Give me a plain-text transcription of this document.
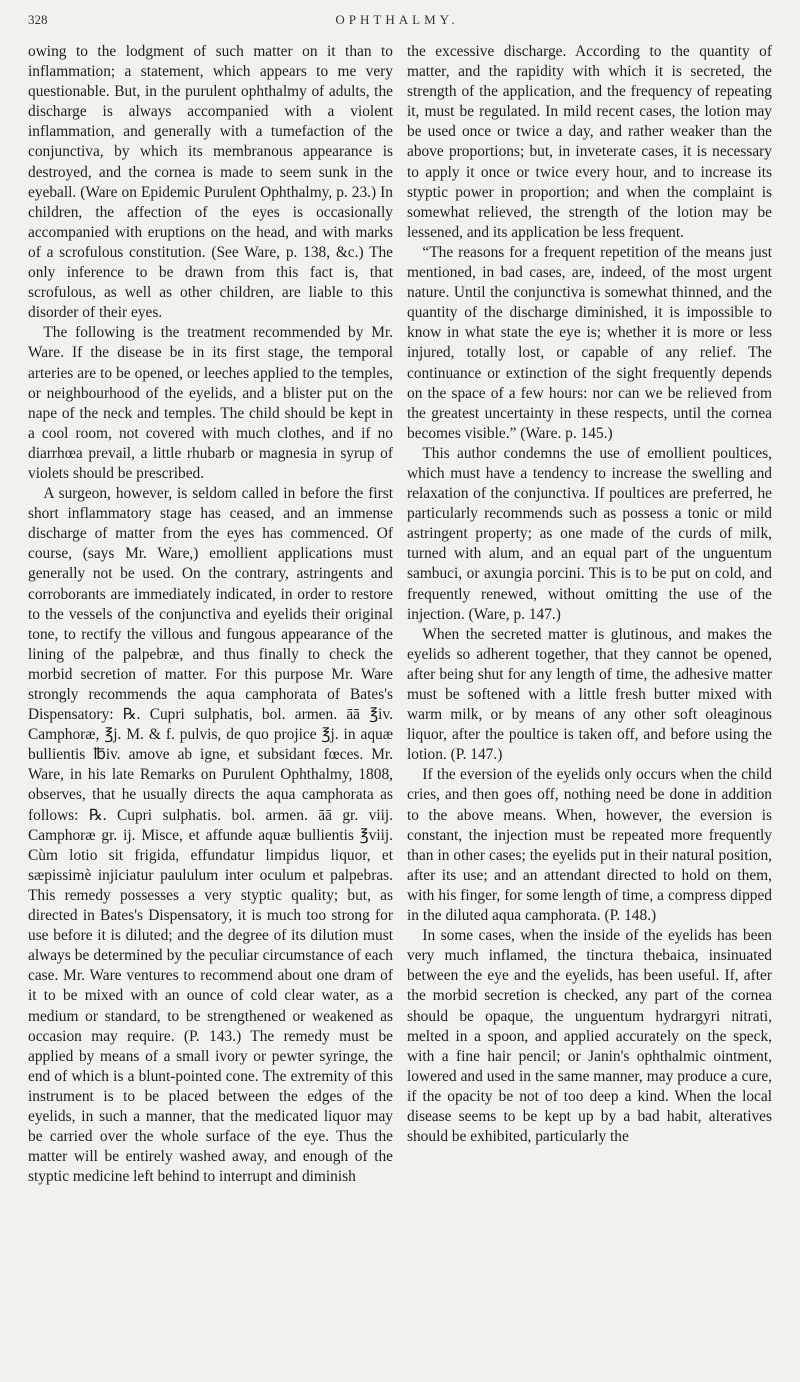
328	OPHTHALMY.

owing to the lodgment of such matter on it than to inflammation; a statement, which appears to me very questionable. But, in the purulent ophthalmy of adults, the discharge is always accompanied with a violent inflammation, and generally with a tumefaction of the conjunctiva, by which its membranous appearance is destroyed, and the cornea is made to seem sunk in the eyeball. (Ware on Epidemic Purulent Ophthalmy, p. 23.) In children, the affection of the eyes is occasionally accompanied with eruptions on the head, and with marks of a scrofulous constitution. (See Ware, p. 138, &c.) The only inference to be drawn from this fact is, that scrofulous, as well as other children, are liable to this disorder of their eyes.

The following is the treatment recommended by Mr. Ware. If the disease be in its first stage, the temporal arteries are to be opened, or leeches applied to the temples, or neighbourhood of the eyelids, and a blister put on the nape of the neck and temples. The child should be kept in a cool room, not covered with much clothes, and if no diarrhœa prevail, a little rhubarb or magnesia in syrup of violets should be prescribed.

A surgeon, however, is seldom called in before the first short inflammatory stage has ceased, and an immense discharge of matter from the eyes has commenced. Of course, (says Mr. Ware,) emollient applications must generally not be used. On the contrary, astringents and corroborants are immediately indicated, in order to restore to the vessels of the conjunctiva and eyelids their original tone, to rectify the villous and fungous appearance of the lining of the palpebræ, and thus finally to check the morbid secretion of matter. For this purpose Mr. Ware strongly recommends the aqua camphorata of Bates's Dispensatory: ℞. Cupri sulphatis, bol. armen. āā ℥iv. Camphoræ, ℥j. M. & f. pulvis, de quo projice ℥j. in aquæ bullientis ℔iv. amove ab igne, et subsidant fœces. Mr. Ware, in his late Remarks on Purulent Ophthalmy, 1808, observes, that he usually directs the aqua camphorata as follows: ℞. Cupri sulphatis. bol. armen. āā gr. viij. Camphoræ gr. ij. Misce, et affunde aquæ bullientis ℥viij. Cùm lotio sit frigida, effundatur limpidus liquor, et sæpissimè injiciatur paululum inter oculum et palpebras. This remedy possesses a very styptic quality; but, as directed in Bates's Dispensatory, it is much too strong for use before it is diluted; and the degree of its dilution must always be determined by the peculiar circumstance of each case. Mr. Ware ventures to recommend about one dram of it to be mixed with an ounce of cold clear water, as a medium or standard, to be strengthened or weakened as occasion may require. (P. 143.) The remedy must be applied by means of a small ivory or pewter syringe, the end of which is a blunt-pointed cone. The extremity of this instrument is to be placed between the edges of the eyelids, in such a manner, that the medicated liquor may be carried over the whole surface of the eye. Thus the matter will be entirely washed away, and enough of the styptic medicine left behind to interrupt and diminish

the excessive discharge. According to the quantity of matter, and the rapidity with which it is secreted, the strength of the application, and the frequency of repeating it, must be regulated. In mild recent cases, the lotion may be used once or twice a day, and rather weaker than the above proportions; but, in inveterate cases, it is necessary to apply it once or twice every hour, and to increase its styptic power in proportion; and when the complaint is somewhat relieved, the strength of the lotion may be lessened, and its application be less frequent.

“The reasons for a frequent repetition of the means just mentioned, in bad cases, are, indeed, of the most urgent nature. Until the conjunctiva is somewhat thinned, and the quantity of the discharge diminished, it is impossible to know in what state the eye is; whether it is more or less injured, totally lost, or capable of any relief. The continuance or extinction of the sight frequently depends on the space of a few hours: nor can we be relieved from the greatest uncertainty in these respects, until the cornea becomes visible.” (Ware. p. 145.)

This author condemns the use of emollient poultices, which must have a tendency to increase the swelling and relaxation of the conjunctiva. If poultices are preferred, he particularly recommends such as possess a tonic or mild astringent property; as one made of the curds of milk, turned with alum, and an equal part of the unguentum sambuci, or axungia porcini. This is to be put on cold, and frequently renewed, without omitting the use of the injection. (Ware, p. 147.)

When the secreted matter is glutinous, and makes the eyelids so adherent together, that they cannot be opened, after being shut for any length of time, the adhesive matter must be softened with a little fresh butter mixed with warm milk, or by means of any other soft oleaginous liquor, after the poultice is taken off, and before using the lotion. (P. 147.)

If the eversion of the eyelids only occurs when the child cries, and then goes off, nothing need be done in addition to the above means. When, however, the eversion is constant, the injection must be repeated more frequently than in other cases; the eyelids put in their natural position, after its use; and an attendant directed to hold on them, with his finger, for some length of time, a compress dipped in the diluted aqua camphorata. (P. 148.)

In some cases, when the inside of the eyelids has been very much inflamed, the tinctura thebaica, insinuated between the eye and the eyelids, has been useful. If, after the morbid secretion is checked, any part of the cornea should be opaque, the unguentum hydrargyri nitrati, melted in a spoon, and applied accurately on the speck, with a fine hair pencil; or Janin's ophthalmic ointment, lowered and used in the same manner, may produce a cure, if the opacity be not of too deep a kind. When the local disease seems to be kept up by a bad habit, alteratives should be exhibited, particularly the
